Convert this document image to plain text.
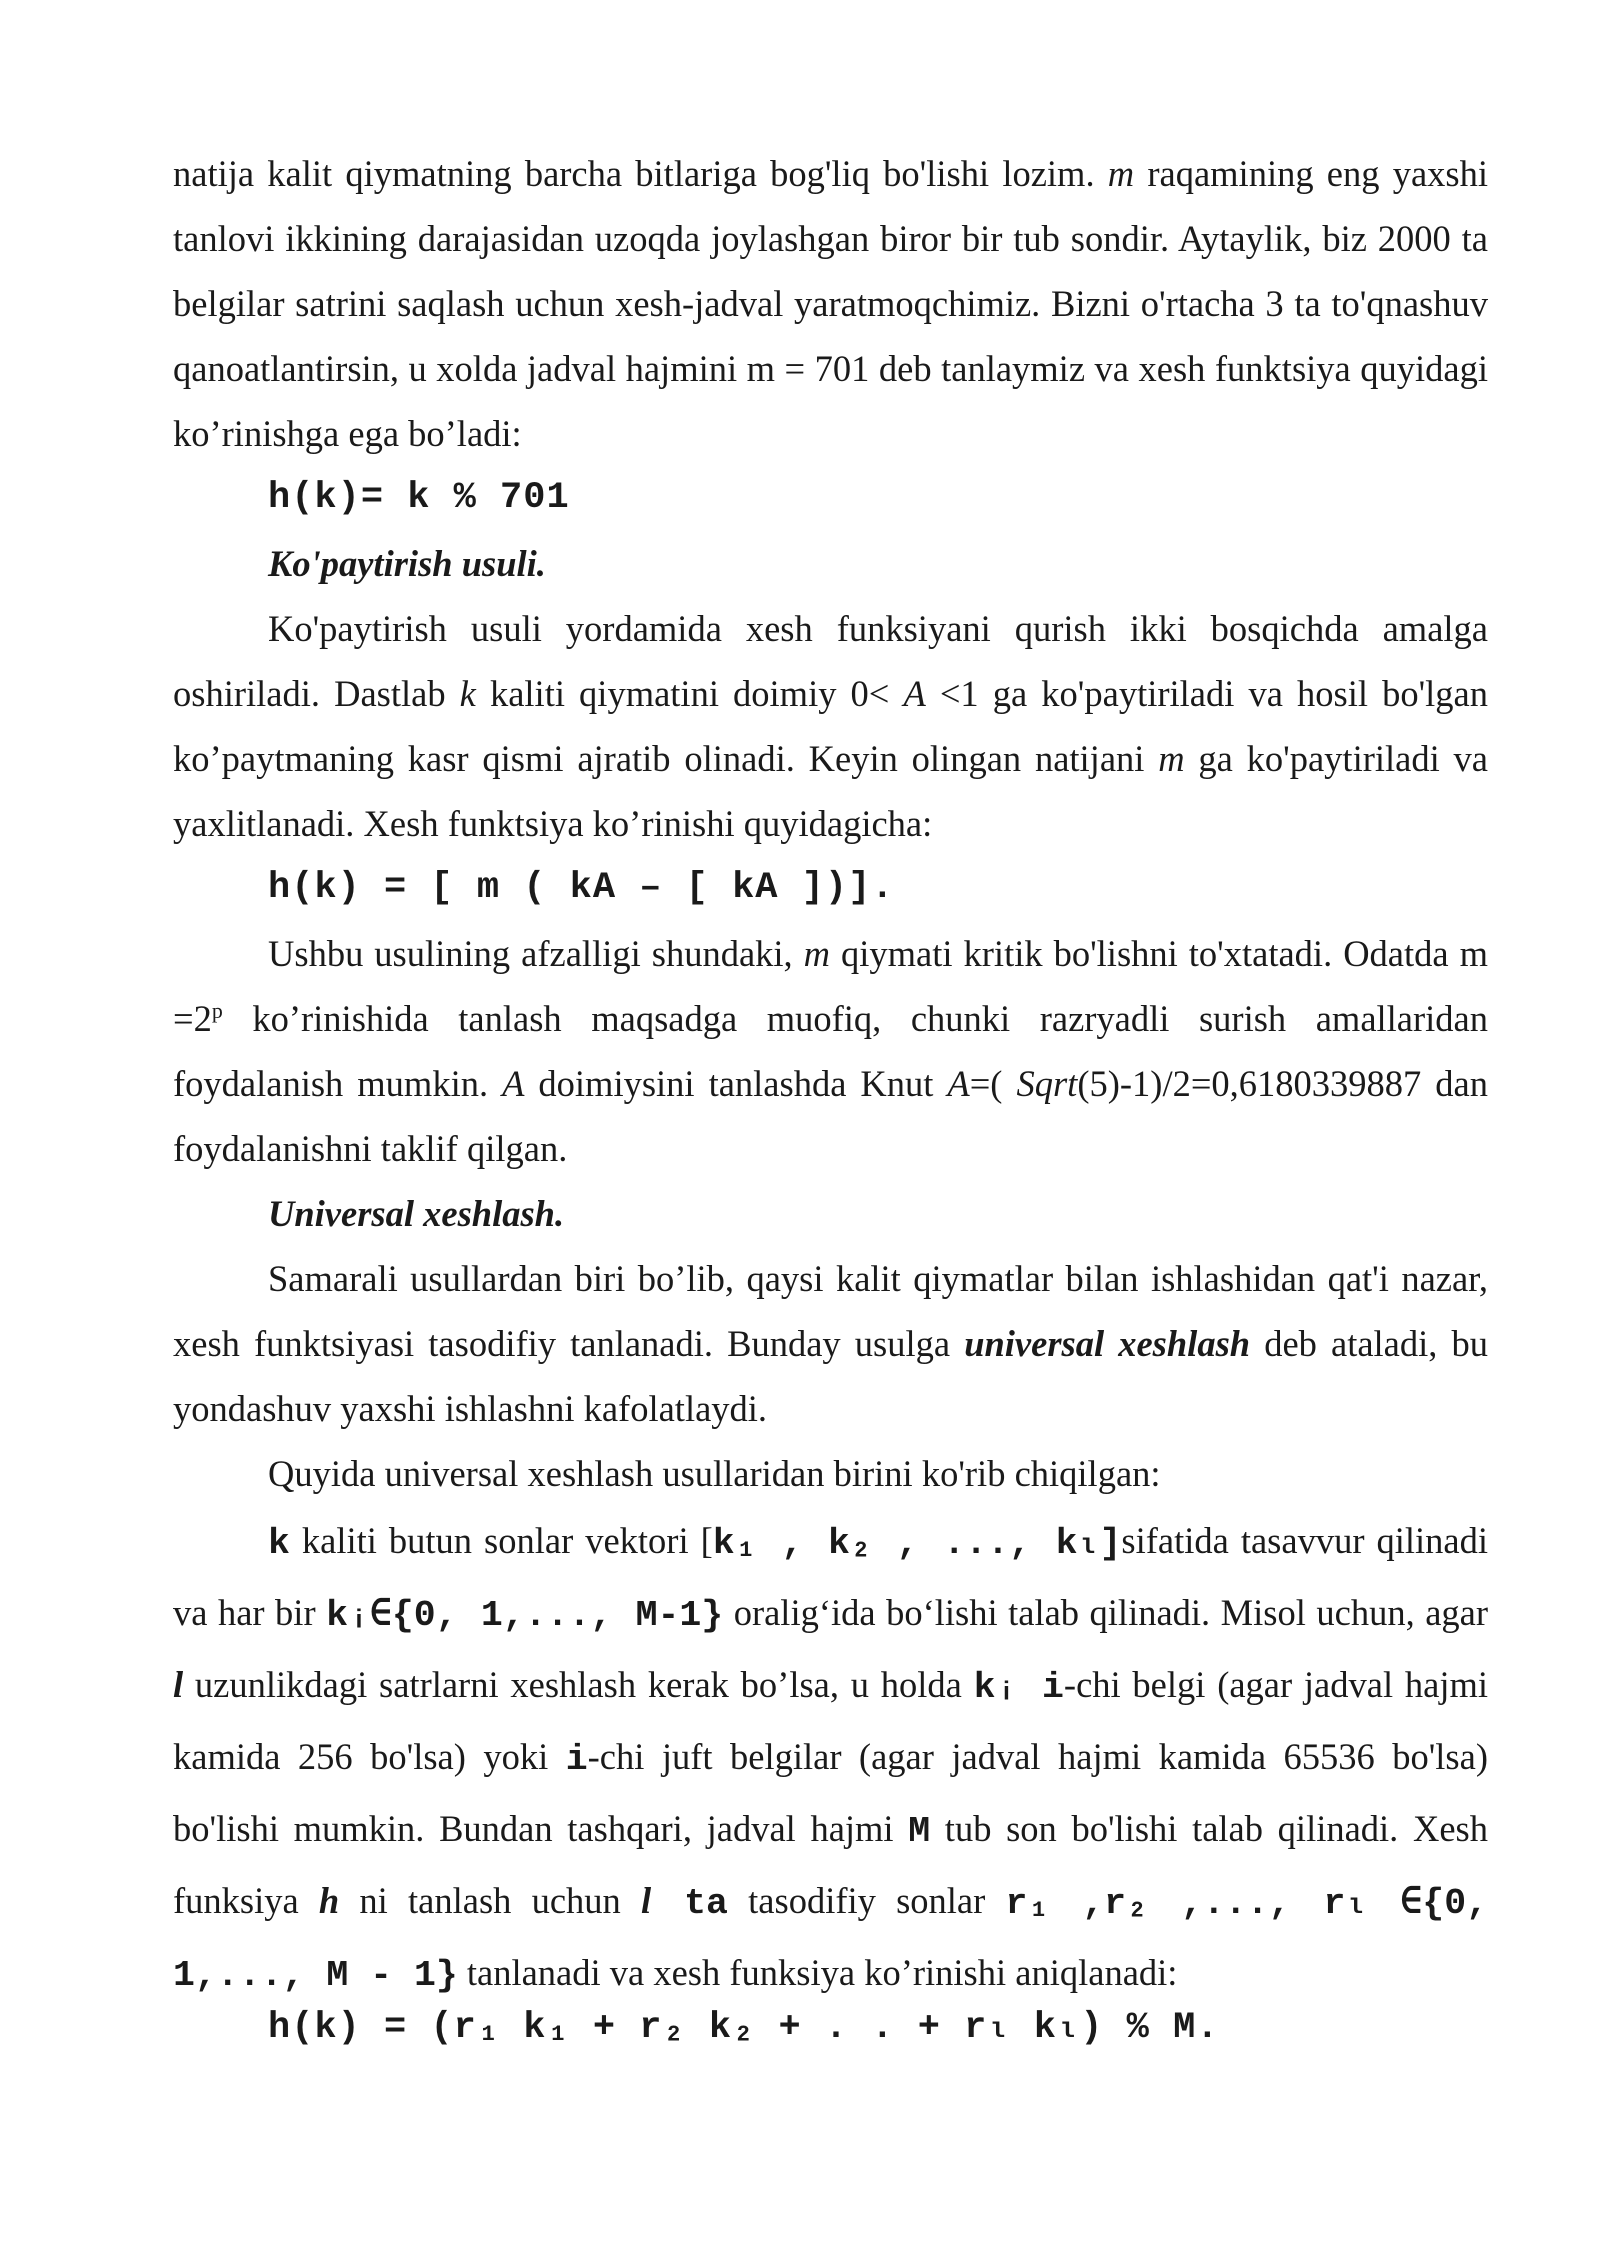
natija kalit qiymatning barcha bitlariga bog'liq bo'lishi lozim. m raqamining eng yaxshi tanlovi ikkining darajasidan uzoqda joylashgan biror bir tub sondir. Aytaylik, biz 2000 ta belgilar satrini saqlash uchun xesh-jadval yaratmoqchimiz. Bizni o'rtacha 3 ta to'qnashuv qanoatlantirsin, u xolda jadval hajmini m = 701 deb tanlaymiz va xesh funktsiya quyidagi ko’rinishga ega bo’ladi:

h(k)= k % 701

Ko'paytirish usuli.

Ko'paytirish usuli yordamida xesh funksiyani qurish ikki bosqichda amalga oshiriladi. Dastlab k kaliti qiymatini doimiy 0< A <1 ga ko'paytiriladi va hosil bo'lgan ko’paytmaning kasr qismi ajratib olinadi. Keyin olingan natijani m ga ko'paytiriladi va yaxlitlanadi. Xesh funktsiya ko’rinishi quyidagicha:

h(k) = [ m ( kA – [ kA ])].

Ushbu usulining afzalligi shundaki, m qiymati kritik bo'lishni to'xtatadi. Odatda $m =2^p$ ko’rinishida tanlash maqsadga muofiq, chunki razryadli surish amallaridan foydalanish mumkin. A doimiysini tanlashda Knut A=( Sqrt(5)-1)/2=0,6180339887 dan foydalanishni taklif qilgan.

Universal xeshlash.

Samarali usullardan biri bo’lib, qaysi kalit qiymatlar bilan ishlashidan qat'i nazar, xesh funktsiyasi tasodifiy tanlanadi. Bunday usulga universal xeshlash deb ataladi, bu yondashuv yaxshi ishlashni kafolatlaydi.

Quyida universal xeshlash usullaridan birini ko'rib chiqilgan:

k kaliti butun sonlar vektori [k₁ , k₂ , ..., kₗ]sifatida tasavvur qilinadi va har bir kᵢ∈{0, 1,..., M-1} oralig‘ida bo‘lishi talab qilinadi. Misol uchun, agar l uzunlikdagi satrlarni xeshlash kerak bo’lsa, u holda kᵢ i-chi belgi (agar jadval hajmi kamida 256 bo'lsa) yoki i-chi juft belgilar (agar jadval hajmi kamida 65536 bo'lsa) bo'lishi mumkin. Bundan tashqari, jadval hajmi M tub son bo'lishi talab qilinadi. Xesh funksiya h ni tanlash uchun l ta tasodifiy sonlar r₁ ,r₂ ,..., rₗ ∈{0, 1,..., M - 1} tanlanadi va xesh funksiya ko’rinishi aniqlanadi:

h(k) = (r₁ k₁ + r₂ k₂ + . . + rₗ kₗ) % M.
